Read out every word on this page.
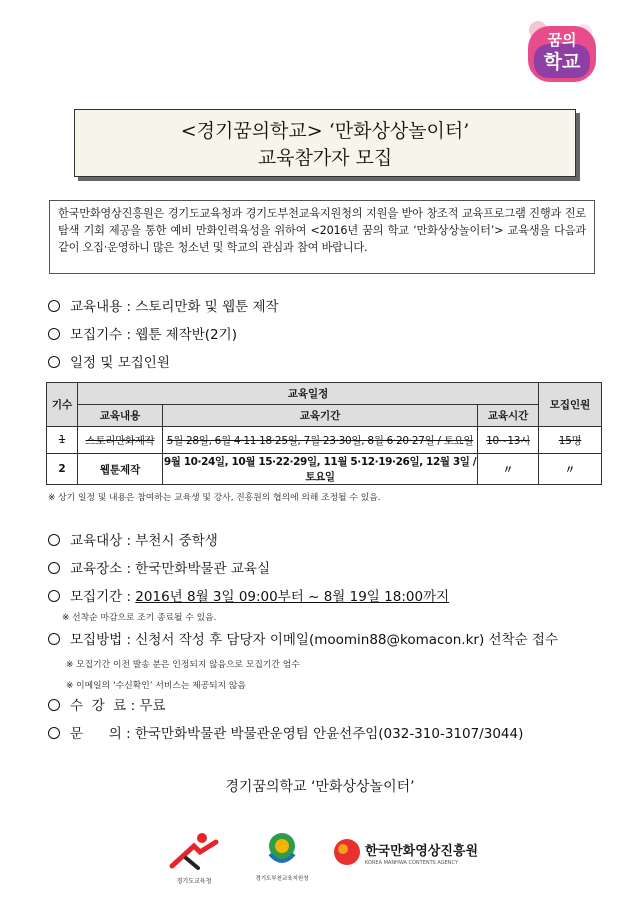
꿈의
학교
<경기꿈의학교> ‘만화상상놀이터’
교육참가자 모집
한국만화영상진흥원은 경기도교육청과 경기도부천교육지원청의 지원을 받아 창조적 교육프로그램 진행과 진로탐색 기회 제공을 통한 예비 만화인력육성을 위하여 <2016년 꿈의 학교 ‘만화상상놀이터’> 교육생을 다음과 같이 오집·운영하니 많은 청소년 및 학교의 관심과 참여 바랍니다.
교육내용 : 스토리만화 및 웹툰 제작
모집기수 : 웹툰 제작반(2기)
일정 및 모집인원
기수	교육일정			모집인원
	교육내용	교육기간	교육시간	
1	스토리만화제작	5월 28일, 6월 4·11·18·25일, 7월 23·30일, 8월 6·20·27일 / 토요일	10~13시	15명
2	웹툰제작	9월 10·24일, 10월 15·22·29일, 11월 5·12·19·26일, 12월 3일 / 토요일	〃	〃
※ 상기 일정 및 내용은 참여하는 교육생 및 강사, 진흥원의 협의에 의해 조정될 수 있음.
교육대상 : 부천시 중학생
교육장소 : 한국만화박물관 교육실
모집기간 : 2016년 8월 3일 09:00부터 ~ 8월 19일 18:00까지
※ 선착순 마감으로 조기 종료될 수 있음.
모집방법 : 신청서 작성 후 담당자 이메일(moomin88@komacon.kr) 선착순 접수
※ 모집기간 이전 발송 분은 인정되지 않음으로 모집기간 엄수
※ 이메일의 ‘수신확인’ 서비스는 제공되지 않음
수  강  료 : 무료
문      의 : 한국만화박물관 박물관운영팀 안윤선주임(032-310-3107/3044)
경기꿈의학교 ‘만화상상놀이터’
경기도교육청	경기도부천교육지원청
한국만화영상진흥원
KOREA MANHWA CONTENTS AGENCY
